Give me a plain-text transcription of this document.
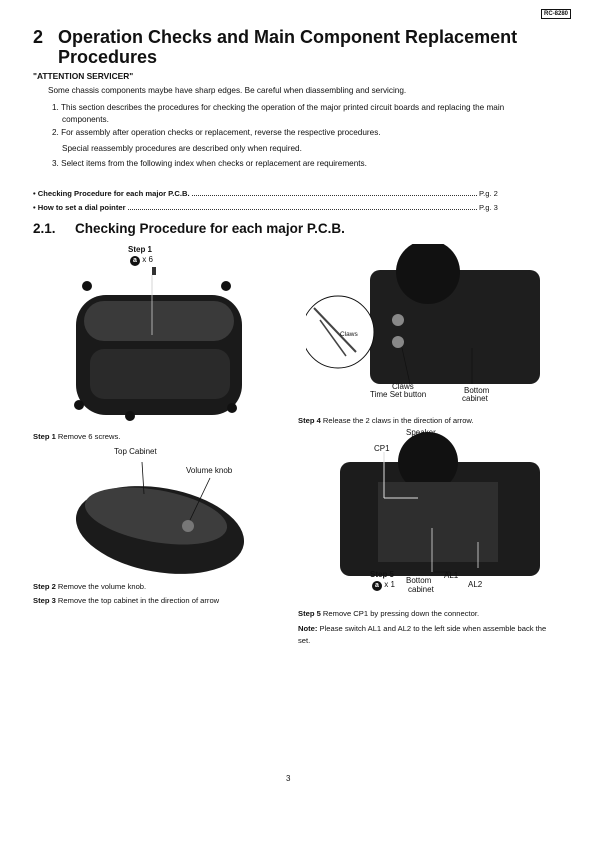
RC-8280
2 Operation Checks and Main Component Replacement
Procedures
"ATTENTION SERVICER"
Some chassis components maybe have sharp edges. Be careful when diassembling and servicing.
1. This section describes the procedures for checking the operation of the major printed circuit boards and replacing the main
components.
2. For assembly after operation checks or replacement, reverse the respective procedures.
Special reassembly procedures are described only when required.
3. Select items from the following index when checks or replacement are requirements.
• Checking Procedure for each major P.C.B.	P.g. 2
• How to set a dial pointer	P.g. 3
2.1. Checking Procedure for each major P.C.B.
Step 1
a x 6
Step 1 Remove 6 screws.
Top Cabinet
Volume knob
Step 2 Remove the volume knob.
Step 3 Remove the top cabinet in the direction of arrow
Claws
Claws
Time Set button	Bottom
cabinet
Step 4 Release the 2 claws in the direction of arrow.
Speaker
CP1
Step 5
a x 1 Bottom
cabinet
AL1
AL2
Step 5 Remove CP1 by pressing down the connector.
Note: Please switch AL1 and AL2 to the left side when assemble back the set.
3
